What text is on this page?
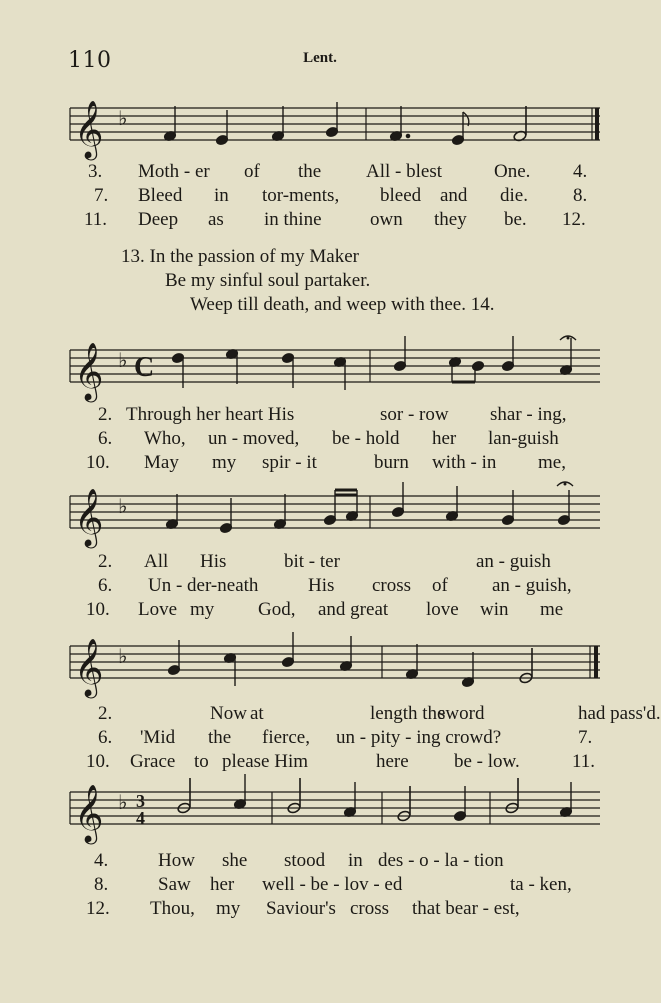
110	Lent.
𝄞 ♭
3. Moth - er of the All - blest	One. 4.
7. Bleed in tor-ments, bleed and die. 8.
11. Deep as in thine	own they be. 12.
13. In the passion of my Maker
Be my sinful soul partaker.
Weep till death, and weep with thee. 14.
𝄞 ♭ C
2. Through her heart His	sor - row shar - ing,
6. Who, un - moved, be - hold her lan-guish
10. May my spir - it	burn with - in me,
𝄞 ♭
2. All His	bit - ter	an - guish
6. Un - der-neath	His cross of an - guish,
10. Love my God, and great love win me
𝄞 ♭
2.	Now at	length the
sword	had pass'd.
6. 'Mid the fierce, un - pity - ing crowd?	7.
10. Grace to please Him	here be - low.	11.
𝄞 ♭ 3
4
4.	How she stood in des - o - la - tion
8.	Saw her well - be - lov - ed	ta - ken,
12. Thou, my Saviour's cross that bear - est,
